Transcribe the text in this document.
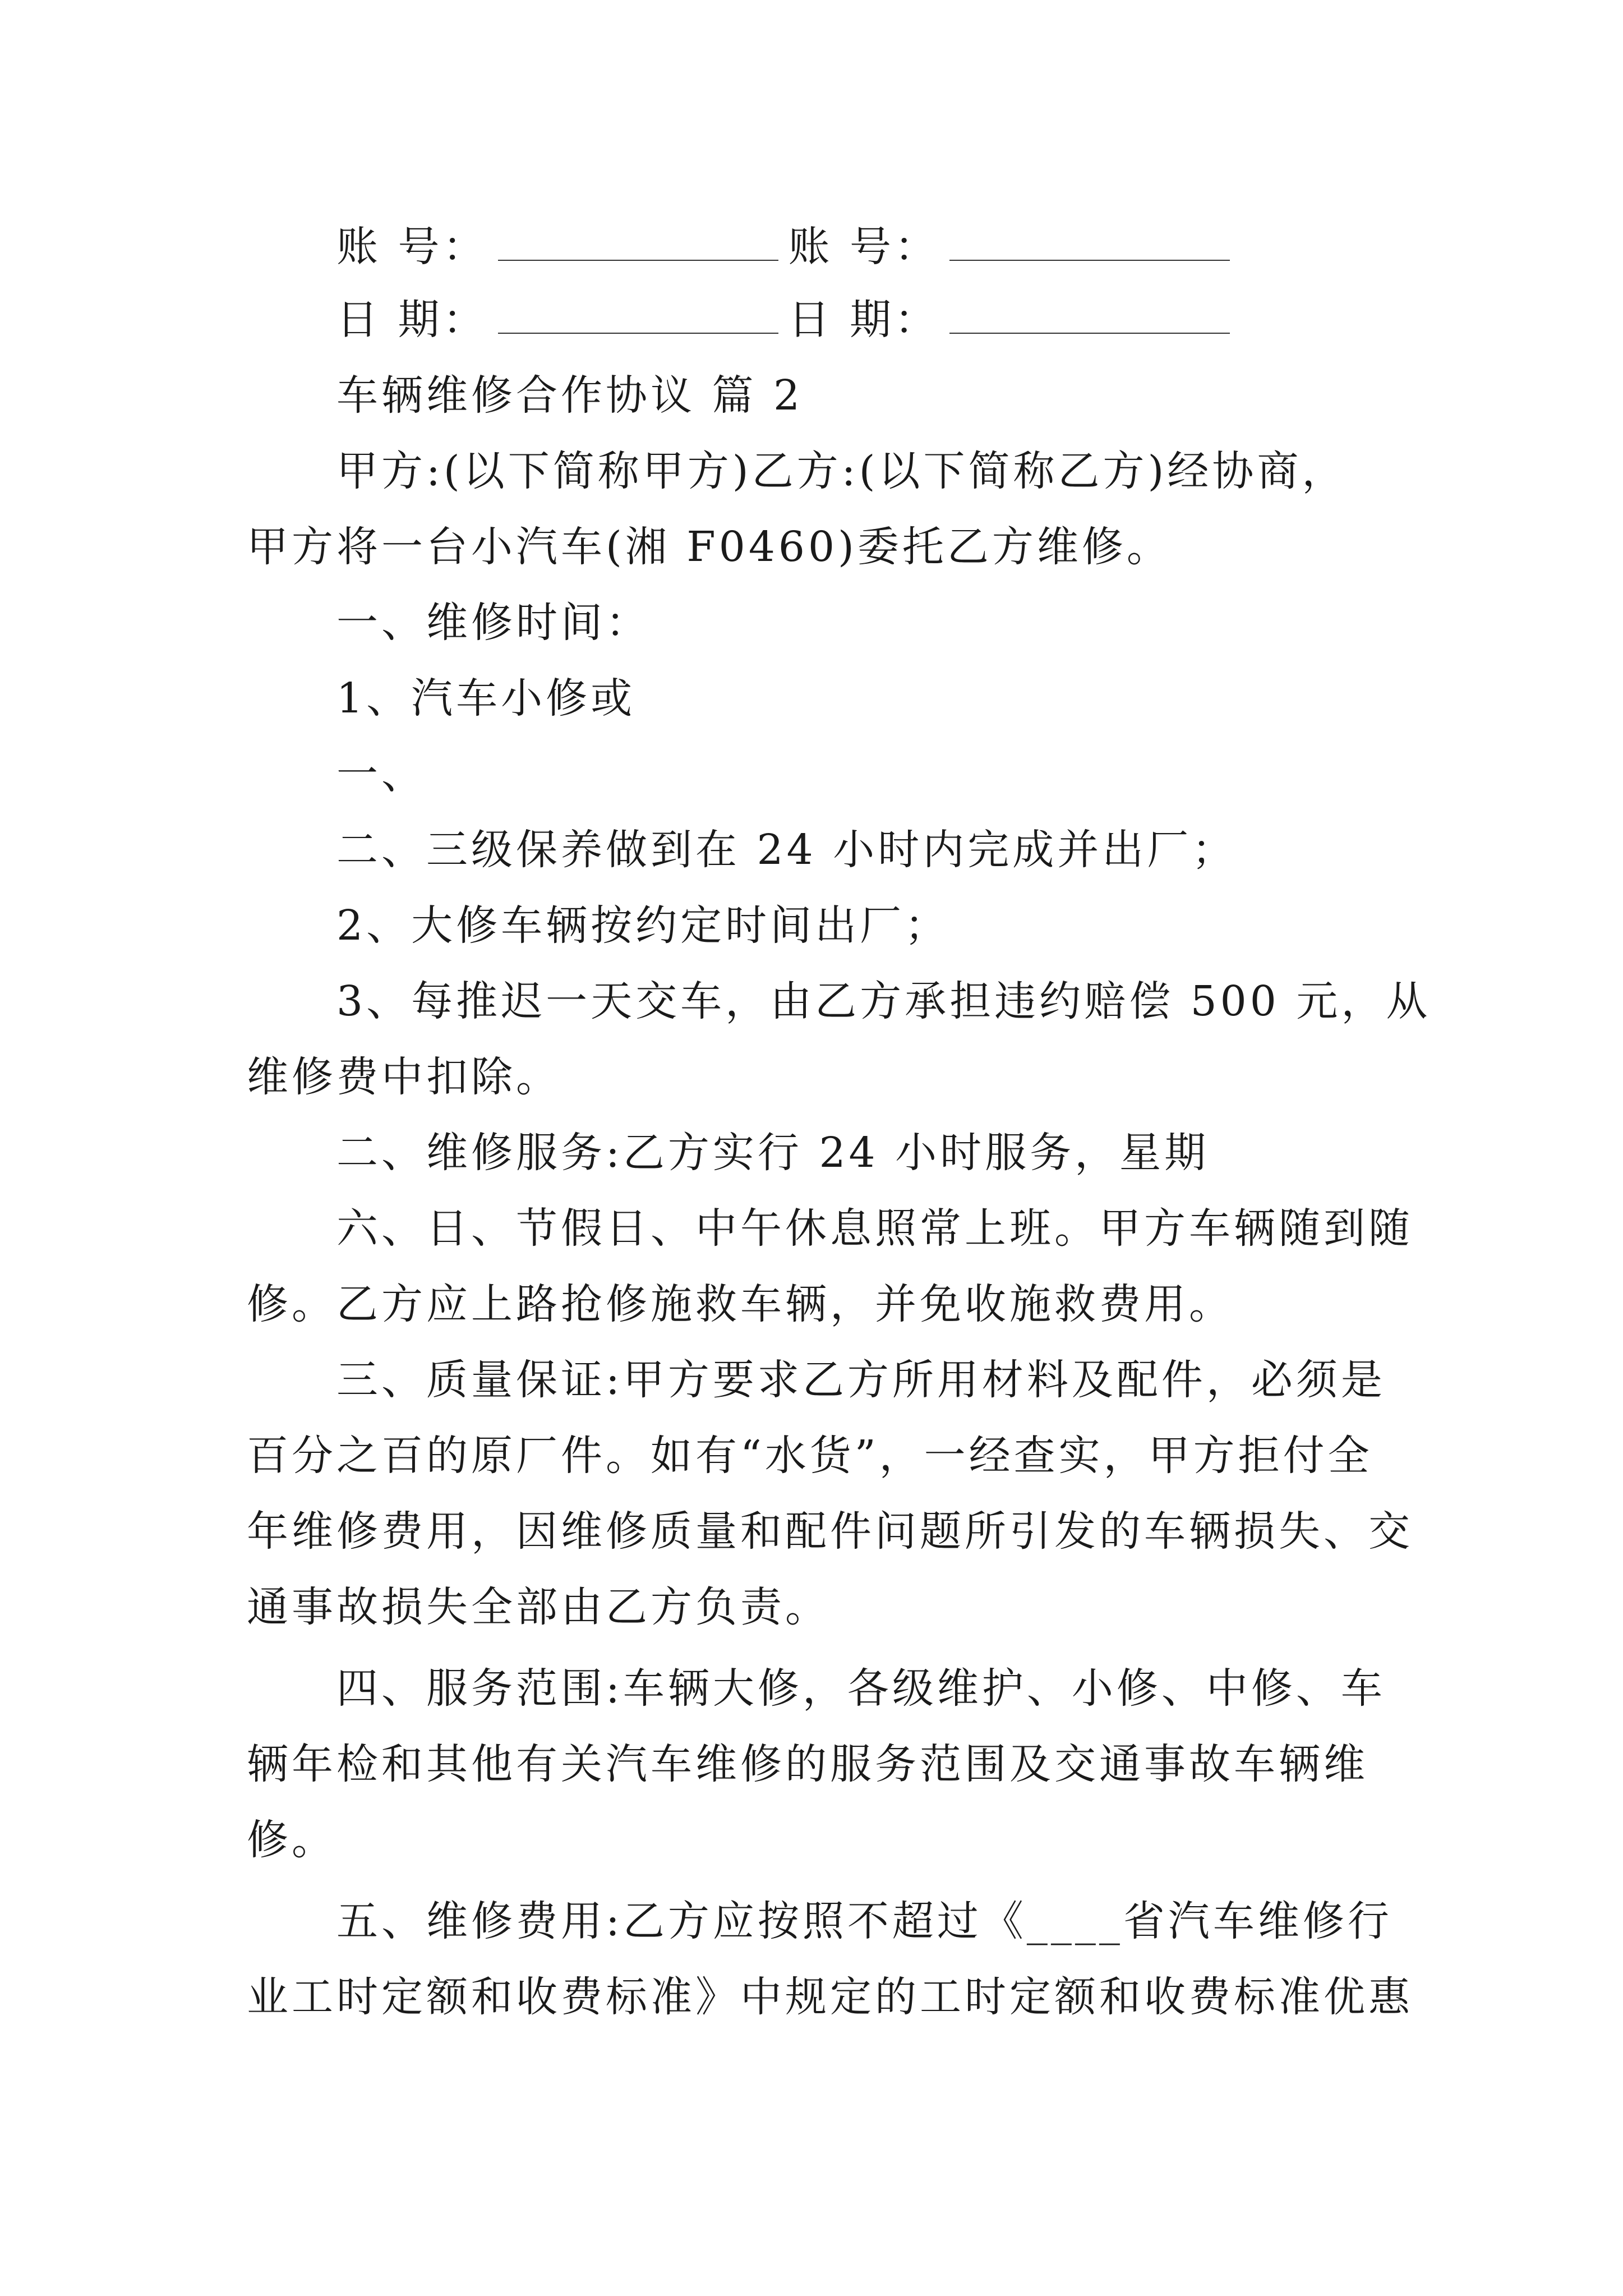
账 号：	账 号：
日 期：	日 期：
车辆维修合作协议 篇 2
甲方:(以下简称甲方)乙方:(以下简称乙方)经协商，
甲方将一台小汽车(湘 F0460)委托乙方维修。
一、维修时间：
1、汽车小修或
一、
二、三级保养做到在 24 小时内完成并出厂；
2、大修车辆按约定时间出厂；
3、每推迟一天交车，由乙方承担违约赔偿 500 元，从
维修费中扣除。
二、维修服务:乙方实行 24 小时服务，星期
六、日、节假日、中午休息照常上班。甲方车辆随到随
修。乙方应上路抢修施救车辆，并免收施救费用。
三、质量保证:甲方要求乙方所用材料及配件，必须是
百分之百的原厂件。如有“水货”，一经查实，甲方拒付全
年维修费用，因维修质量和配件问题所引发的车辆损失、交
通事故损失全部由乙方负责。
四、服务范围:车辆大修，各级维护、小修、中修、车
辆年检和其他有关汽车维修的服务范围及交通事故车辆维
修。
五、维修费用:乙方应按照不超过《____省汽车维修行
业工时定额和收费标准》中规定的工时定额和收费标准优惠
